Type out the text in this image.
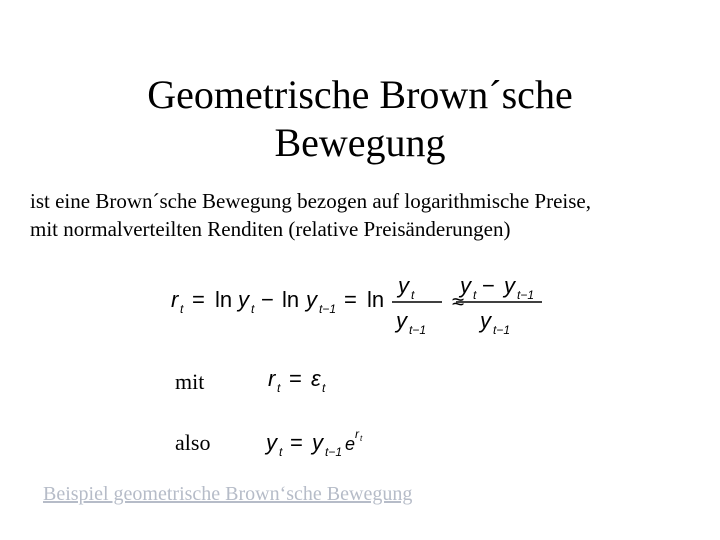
Geometrische Brown´sche
Bewegung
ist eine Brown´sche Bewegung bezogen auf logarithmische Preise,
mit normalverteilten Renditen (relative Preisänderungen)
r t = ln y t − ln y t−1 = ln
y t
y t−1
≈
y t − y t−1
y t−1
mit	r t = ε t
also	y t = y t−1 e r t
Beispiel geometrische Brown‘sche Bewegung
